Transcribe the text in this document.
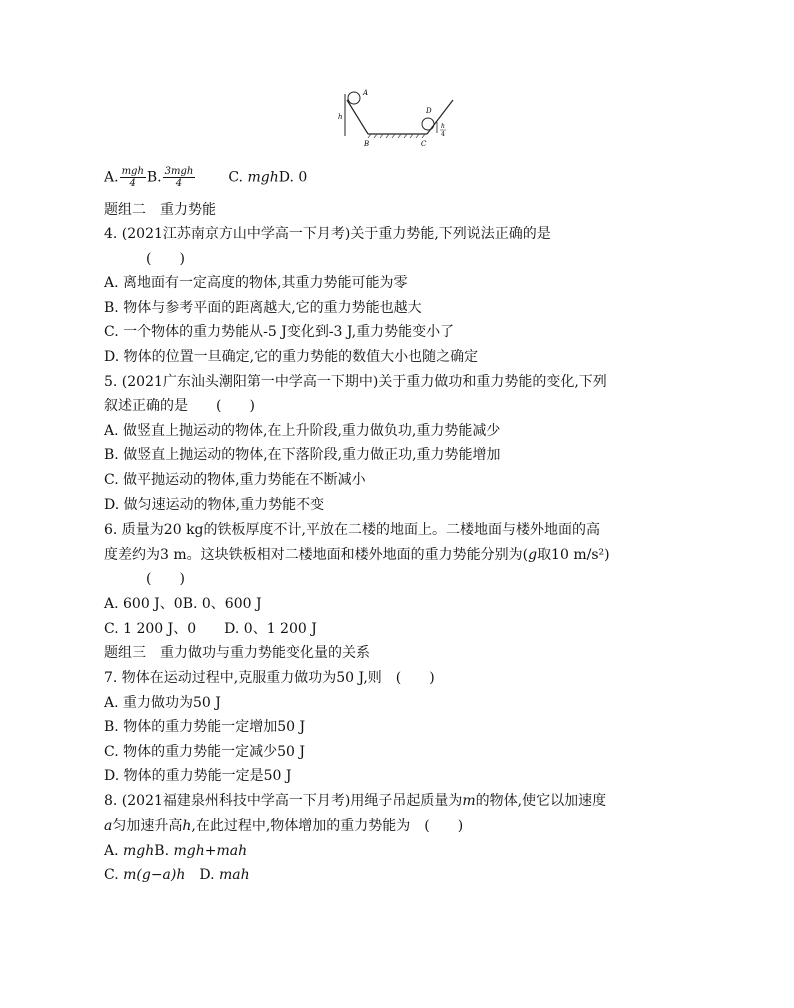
A
h
B	C
D
h
4
A. $\frac{\text{mgh}}{4} B$. $\frac{\text{3mgh}}{4} C$. mghD. 0
题组二　重力势能
4. (2021江苏南京方山中学高一下月考)关于重力势能,下列说法正确的是
(　　)
A. 离地面有一定高度的物体,其重力势能可能为零
B. 物体与参考平面的距离越大,它的重力势能也越大
C. 一个物体的重力势能从-5 J变化到-3 J,重力势能变小了
D. 物体的位置一旦确定,它的重力势能的数值大小也随之确定
5. (2021广东汕头潮阳第一中学高一下期中)关于重力做功和重力势能的变化,下列
叙述正确的是　　(　　)
A. 做竖直上抛运动的物体,在上升阶段,重力做负功,重力势能减少
B. 做竖直上抛运动的物体,在下落阶段,重力做正功,重力势能增加
C. 做平抛运动的物体,重力势能在不断减小
D. 做匀速运动的物体,重力势能不变
6. 质量为20 kg的铁板厚度不计,平放在二楼的地面上。二楼地面与楼外地面的高
度差约为3 m。这块铁板相对二楼地面和楼外地面的重力势能分别为(g取10 m/s²)
(　　)
A. 600 J、0B. 0、600 J
C. 1 200 J、0　　D. 0、1 200 J
题组三　重力做功与重力势能变化量的关系
7. 物体在运动过程中,克服重力做功为50 J,则　(　　)
A. 重力做功为50 J
B. 物体的重力势能一定增加50 J
C. 物体的重力势能一定减少50 J
D. 物体的重力势能一定是50 J
8. (2021福建泉州科技中学高一下月考)用绳子吊起质量为m的物体,使它以加速度
a匀加速升高h,在此过程中,物体增加的重力势能为　(　　)
A. mghB. mgh+mah
C. m(g−a)h　 D. mah
